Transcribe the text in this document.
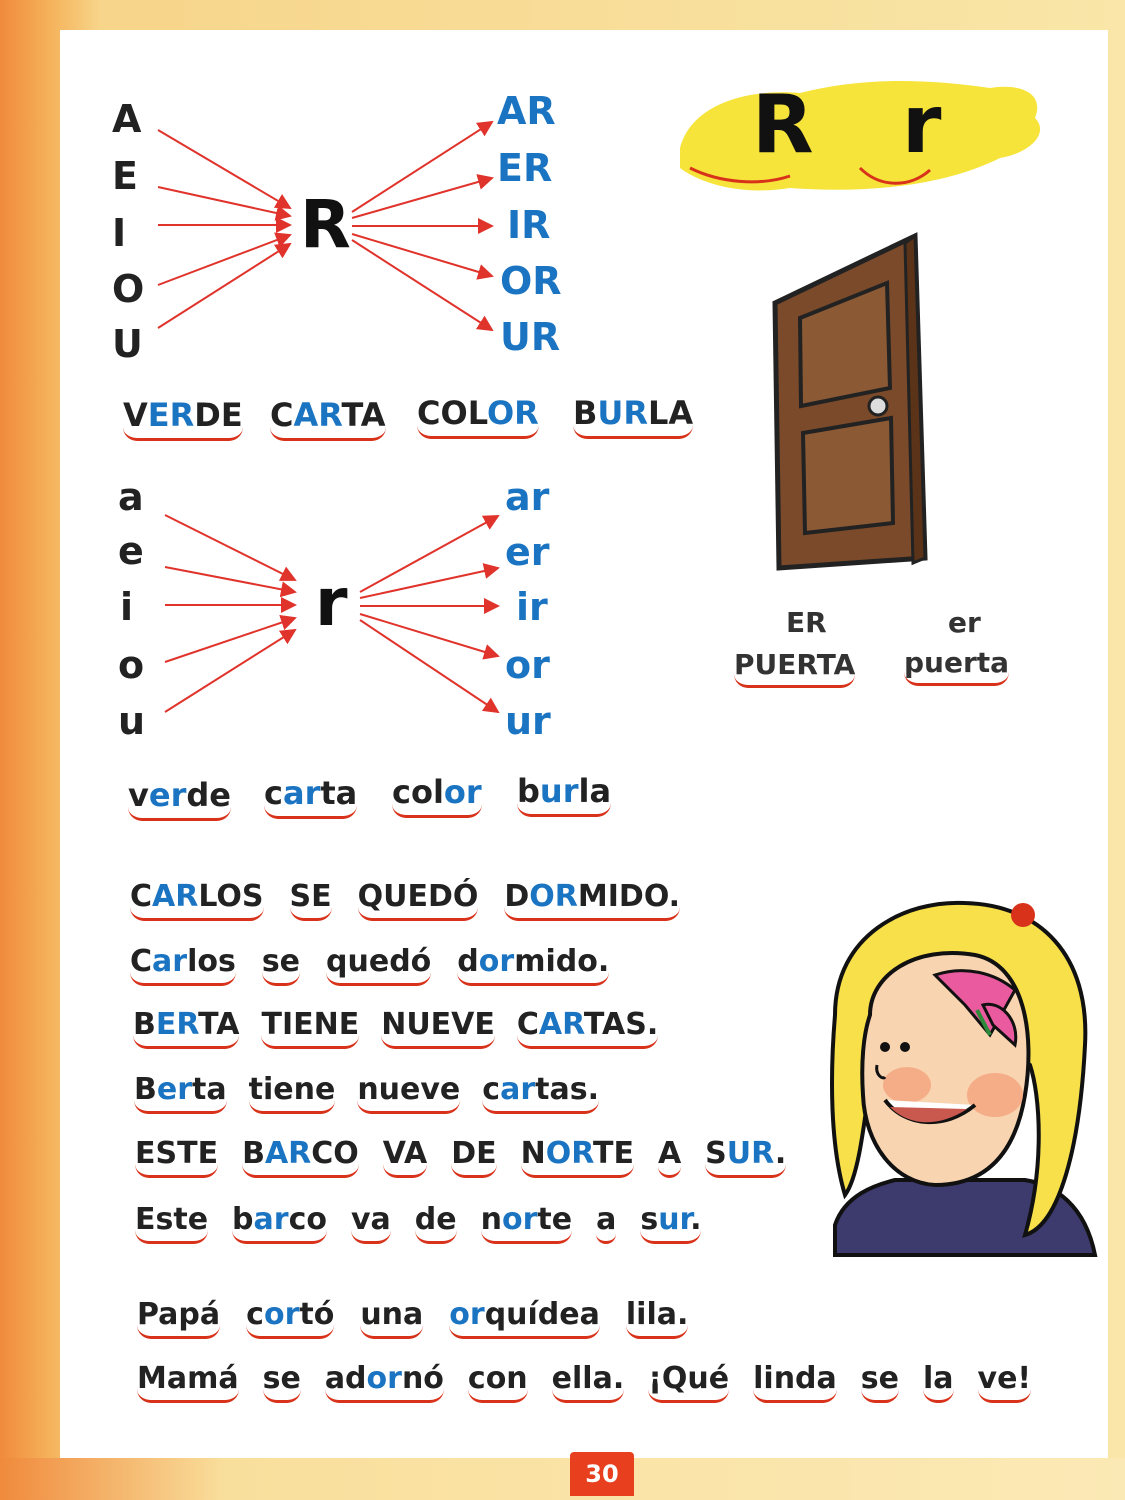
R r
A
E
I
O
U
R
AR
ER
IR
OR
UR
VERDE CARTA COLOR BURLA
a
e
i
o
u
r
ar
er
ir
or
ur
verde carta color burla
ER	er
PUERTA puerta
CARLOS SE QUEDÓ DORMIDO.
Carlos se quedó dormido.
BERTA TIENE NUEVE CARTAS.
Berta tiene nueve cartas.
ESTE BARCO VA DE NORTE A SUR.
Este barco va de norte a sur.
Papá cortó una orquídea lila.
Mamá se adornó con ella. ¡Qué linda se la ve!
30
